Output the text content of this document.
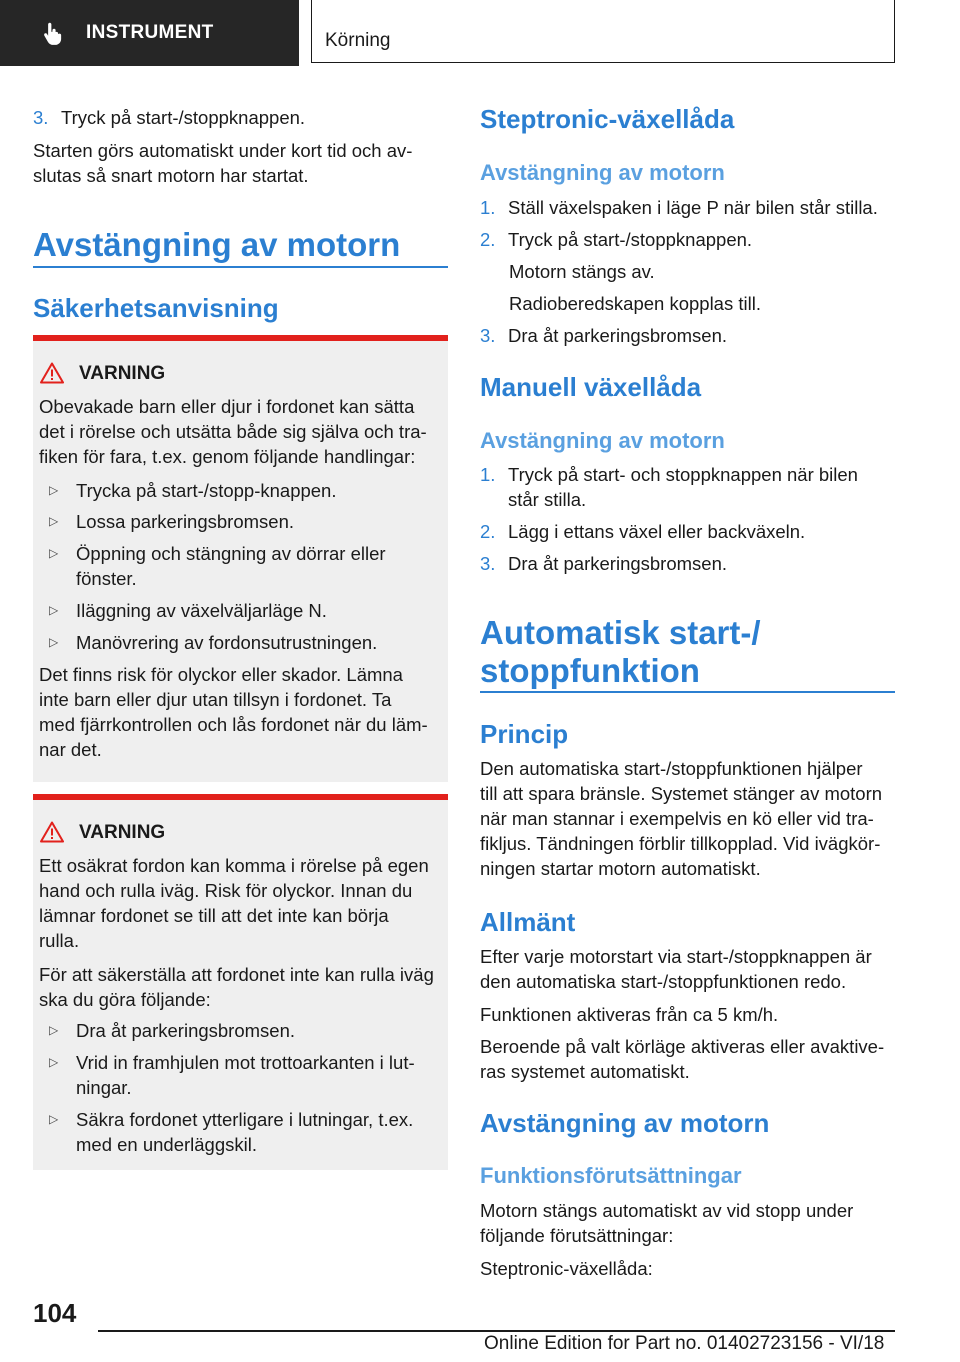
INSTRUMENT	Körning
3. Tryck på start-/stoppknappen.
Starten görs automatiskt under kort tid och av-
slutas så snart motorn har startat.
Avstängning av motorn
Säkerhetsanvisning
VARNING
Obevakade barn eller djur i fordonet kan sätta
det i rörelse och utsätta både sig själva och tra-
fiken för fara, t.ex. genom följande handlingar:
▷ Trycka på start-/stopp-knappen.
▷ Lossa parkeringsbromsen.
▷ Öppning och stängning av dörrar eller
fönster.
▷ Iläggning av växelväljarläge N.
▷ Manövrering av fordonsutrustningen.
Det finns risk för olyckor eller skador. Lämna
inte barn eller djur utan tillsyn i fordonet. Ta
med fjärrkontrollen och lås fordonet när du läm-
nar det.
VARNING
Ett osäkrat fordon kan komma i rörelse på egen
hand och rulla iväg. Risk för olyckor. Innan du
lämnar fordonet se till att det inte kan börja
rulla.
För att säkerställa att fordonet inte kan rulla iväg
ska du göra följande:
▷ Dra åt parkeringsbromsen.
▷ Vrid in framhjulen mot trottoarkanten i lut-
ningar.
▷ Säkra fordonet ytterligare i lutningar, t.ex.
med en underläggskil.
Steptronic-växellåda
Avstängning av motorn
1. Ställ växelspaken i läge P när bilen står stilla.
2. Tryck på start-/stoppknappen.
Motorn stängs av.
Radioberedskapen kopplas till.
3. Dra åt parkeringsbromsen.
Manuell växellåda
Avstängning av motorn
1. Tryck på start- och stoppknappen när bilen
står stilla.
2. Lägg i ettans växel eller backväxeln.
3. Dra åt parkeringsbromsen.
Automatisk start-/
stoppfunktion
Princip
Den automatiska start-/stoppfunktionen hjälper
till att spara bränsle. Systemet stänger av motorn
när man stannar i exempelvis en kö eller vid tra-
fikljus. Tändningen förblir tillkopplad. Vid ivägkör-
ningen startar motorn automatiskt.
Allmänt
Efter varje motorstart via start-/stoppknappen är
den automatiska start-/stoppfunktionen redo.
Funktionen aktiveras från ca 5 km/h.
Beroende på valt körläge aktiveras eller avaktive-
ras systemet automatiskt.
Avstängning av motorn
Funktionsförutsättningar
Motorn stängs automatiskt av vid stopp under
följande förutsättningar:
Steptronic-växellåda:
104
Online Edition for Part no. 01402723156 - VI/18
